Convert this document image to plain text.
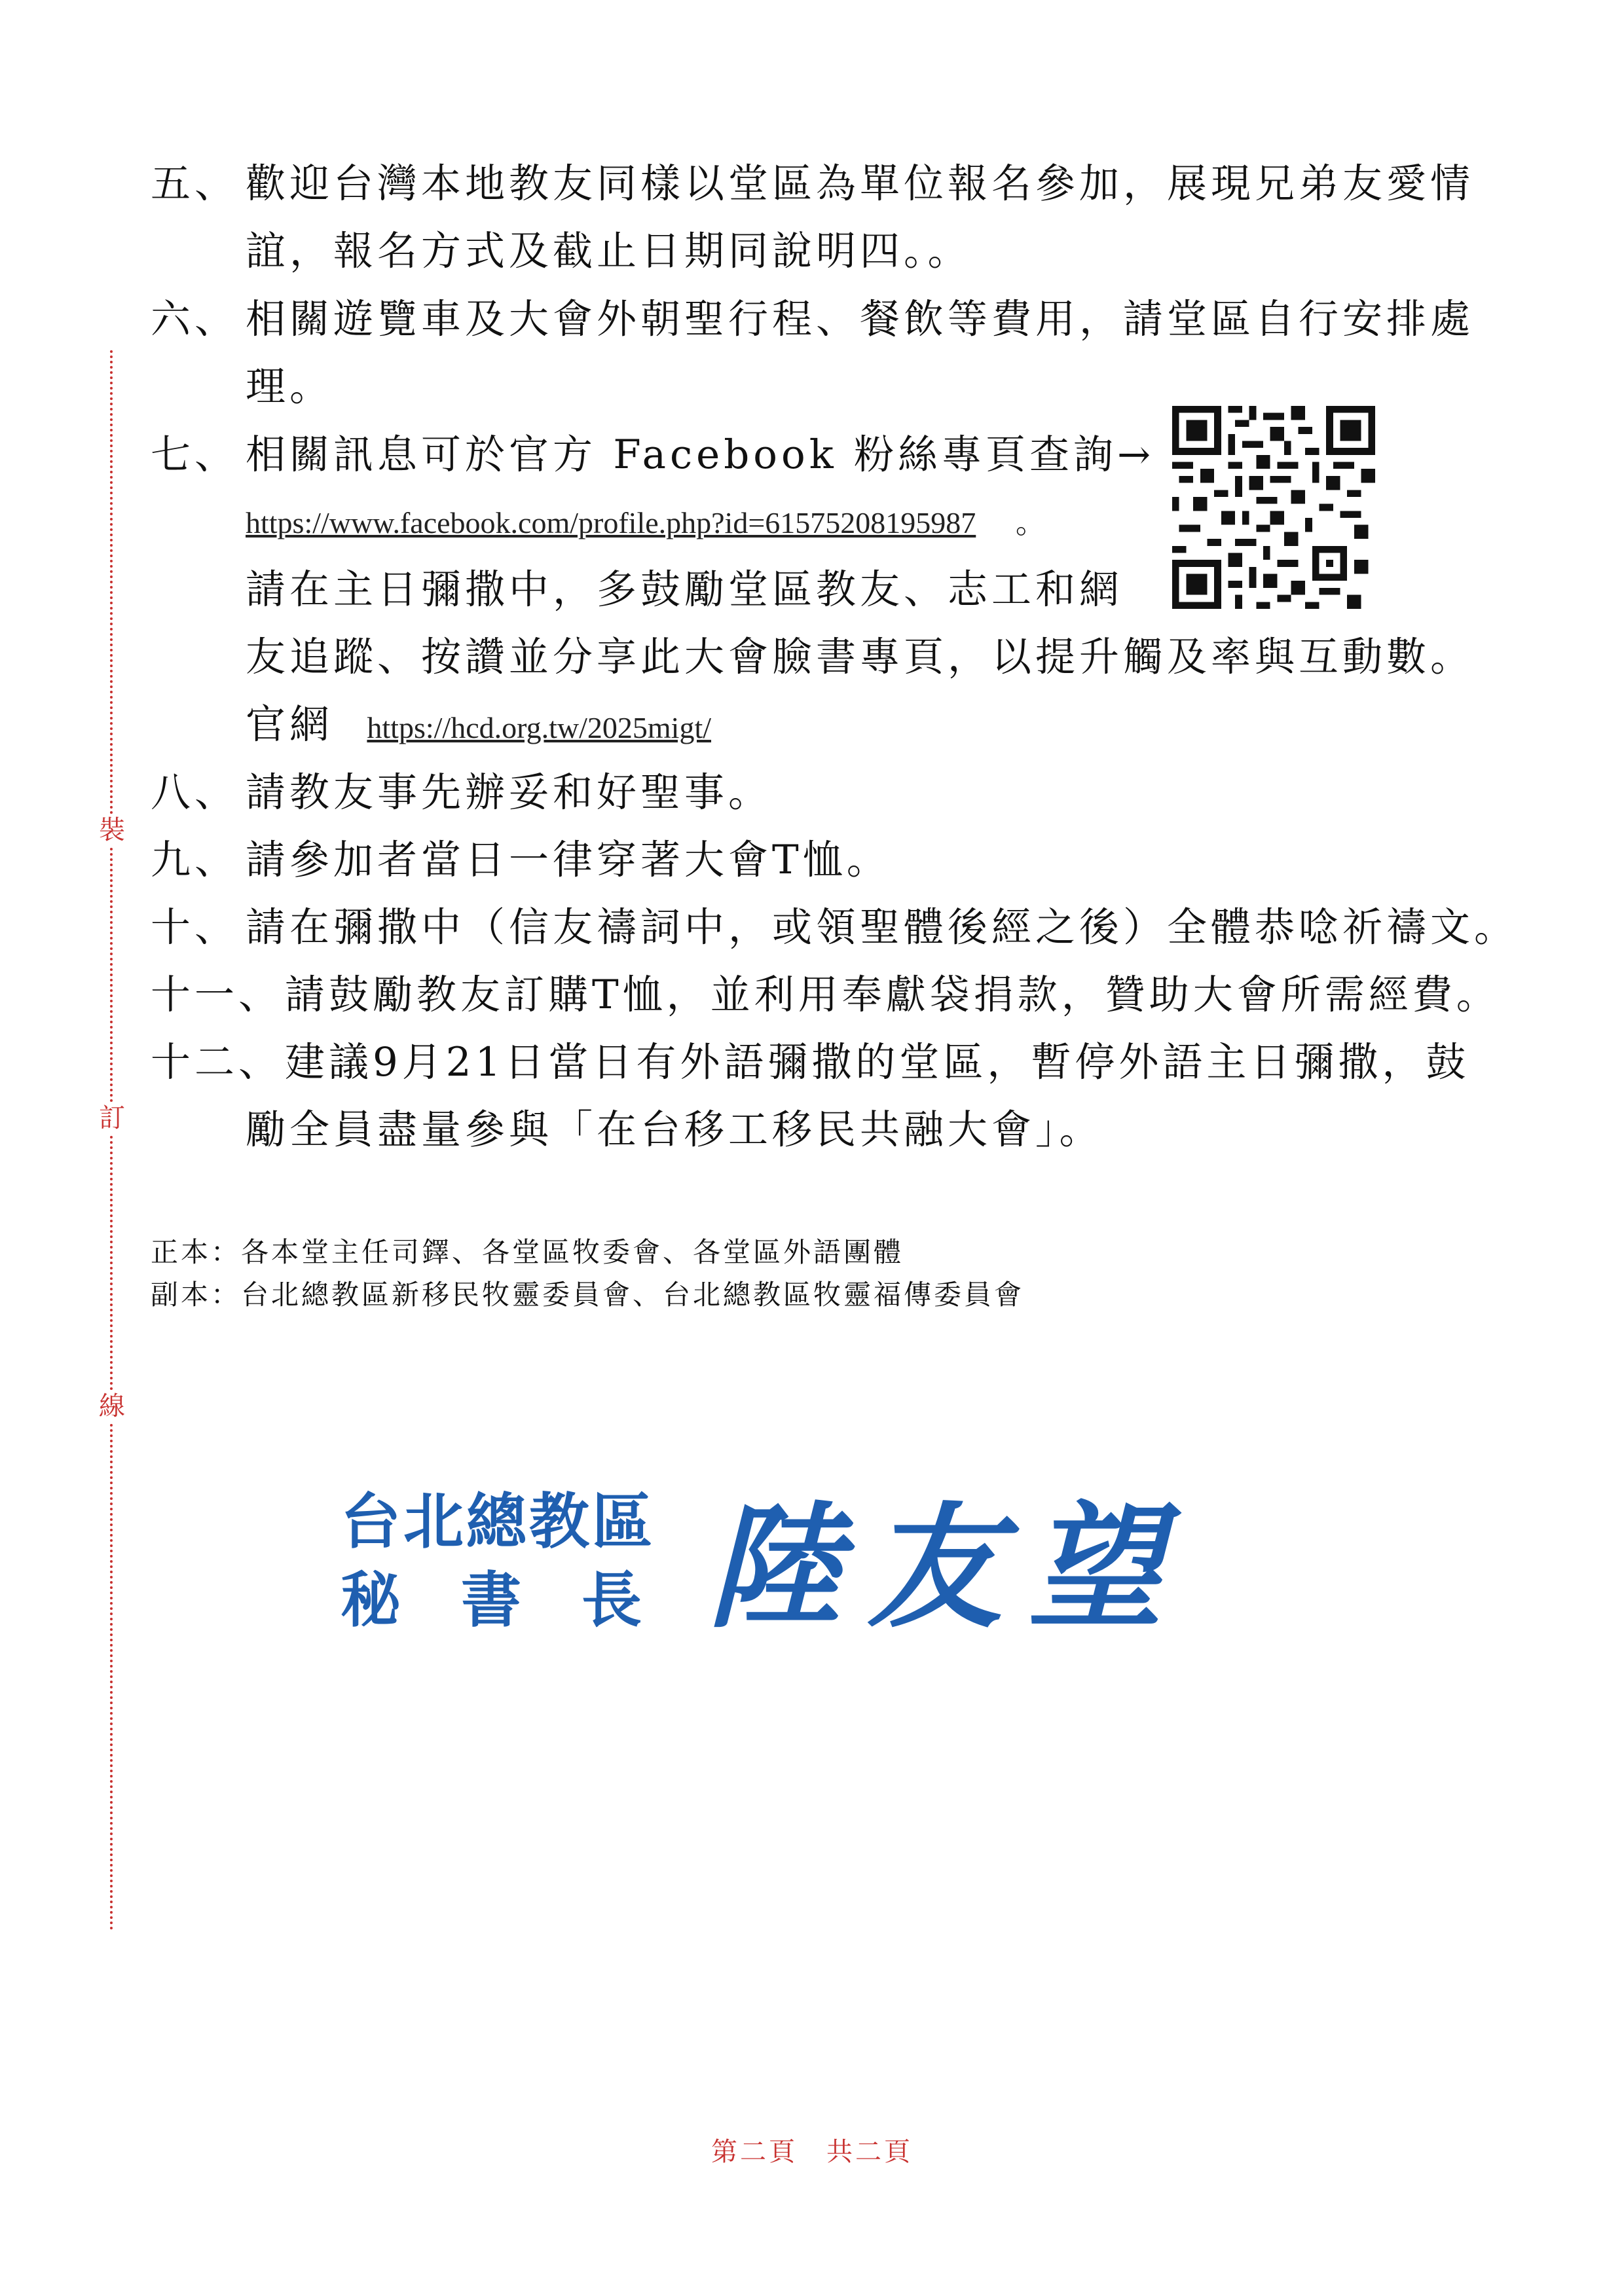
裝
訂
線
五、 歡迎台灣本地教友同樣以堂區為單位報名參加，展現兄弟友愛情
誼，報名方式及截止日期同說明四。。
六、 相關遊覽車及大會外朝聖行程、餐飲等費用，請堂區自行安排處
理。
七、 相關訊息可於官方 Facebook 粉絲專頁查詢→
https://www.facebook.com/profile.php?id=61575208195987 。
請在主日彌撒中，多鼓勵堂區教友、志工和網
友追蹤、按讚並分享此大會臉書專頁，以提升觸及率與互動數。
官網 https://hcd.org.tw/2025migt/
八、 請教友事先辦妥和好聖事。
九、 請參加者當日一律穿著大會T恤。
十、 請在彌撒中（信友禱詞中，或領聖體後經之後）全體恭唸祈禱文。
十一、 請鼓勵教友訂購T恤，並利用奉獻袋捐款，贊助大會所需經費。
十二、 建議9月21日當日有外語彌撒的堂區，暫停外語主日彌撒，鼓
勵全員盡量參與「在台移工移民共融大會」。
正本：各本堂主任司鐸、各堂區牧委會、各堂區外語團體
副本：台北總教區新移民牧靈委員會、台北總教區牧靈福傳委員會
台北總教區
秘　書　長 陸友望
第二頁　共二頁
